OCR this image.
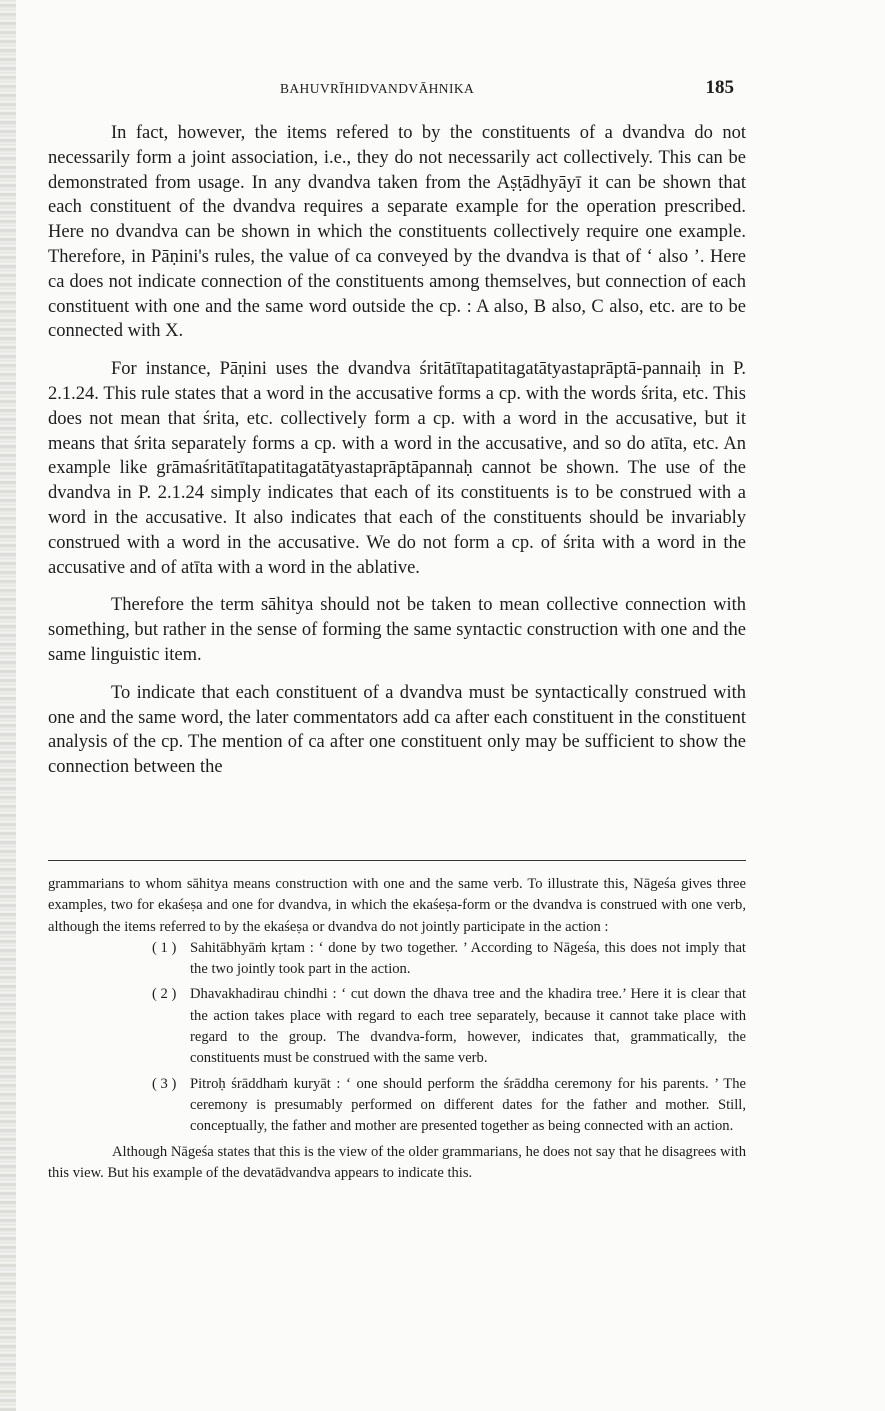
BAHUVRĪHIDVANDVĀHNIKA	185

In fact, however, the items refered to by the constituents of a dvandva do not necessarily form a joint association, i.e., they do not necessarily act collectively. This can be demonstrated from usage. In any dvandva taken from the Aṣṭādhyāyī it can be shown that each constituent of the dvandva requires a separate example for the operation prescribed. Here no dvandva can be shown in which the constituents collectively require one example. Therefore, in Pāṇini's rules, the value of ca conveyed by the dvandva is that of ‘ also ’. Here ca does not indicate connection of the constituents among themselves, but connection of each constituent with one and the same word outside the cp. : A also, B also, C also, etc. are to be connected with X.

For instance, Pāṇini uses the dvandva śritātītapatitagatātyastaprāptā-pannaiḥ in P. 2.1.24. This rule states that a word in the accusative forms a cp. with the words śrita, etc. This does not mean that śrita, etc. collectively form a cp. with a word in the accusative, but it means that śrita separately forms a cp. with a word in the accusative, and so do atīta, etc. An example like grāmaśritātītapatitagatātyastaprāptāpannaḥ cannot be shown. The use of the dvandva in P. 2.1.24 simply indicates that each of its constituents is to be construed with a word in the accusative. It also indicates that each of the constituents should be invariably construed with a word in the accusative. We do not form a cp. of śrita with a word in the accusative and of atīta with a word in the ablative.

Therefore the term sāhitya should not be taken to mean collective connection with something, but rather in the sense of forming the same syntactic construction with one and the same linguistic item.

To indicate that each constituent of a dvandva must be syntactically construed with one and the same word, the later commentators add ca after each constituent in the constituent analysis of the cp. The mention of ca after one constituent only may be sufficient to show the connection between the

grammarians to whom sāhitya means construction with one and the same verb. To illustrate this, Nāgeśa gives three examples, two for ekaśeṣa and one for dvandva, in which the ekaśeṣa-form or the dvandva is construed with one verb, although the items referred to by the ekaśeṣa or dvandva do not jointly participate in the action :

( 1 ) Sahitābhyāṁ kṛtam : ‘ done by two together. ’ According to Nāgeśa, this does not imply that the two jointly took part in the action.
( 2 ) Dhavakhadirau chindhi : ‘ cut down the dhava tree and the khadira tree.’ Here it is clear that the action takes place with regard to each tree separately, because it cannot take place with regard to the group. The dvandva-form, however, indicates that, grammatically, the constituents must be construed with the same verb.
( 3 ) Pitroḥ śrāddhaṁ kuryāt : ‘ one should perform the śrāddha ceremony for his parents. ’ The ceremony is presumably performed on different dates for the father and mother. Still, conceptually, the father and mother are presented together as being connected with an action.

Although Nāgeśa states that this is the view of the older grammarians, he does not say that he disagrees with this view. But his example of the devatādvandva appears to indicate this.
